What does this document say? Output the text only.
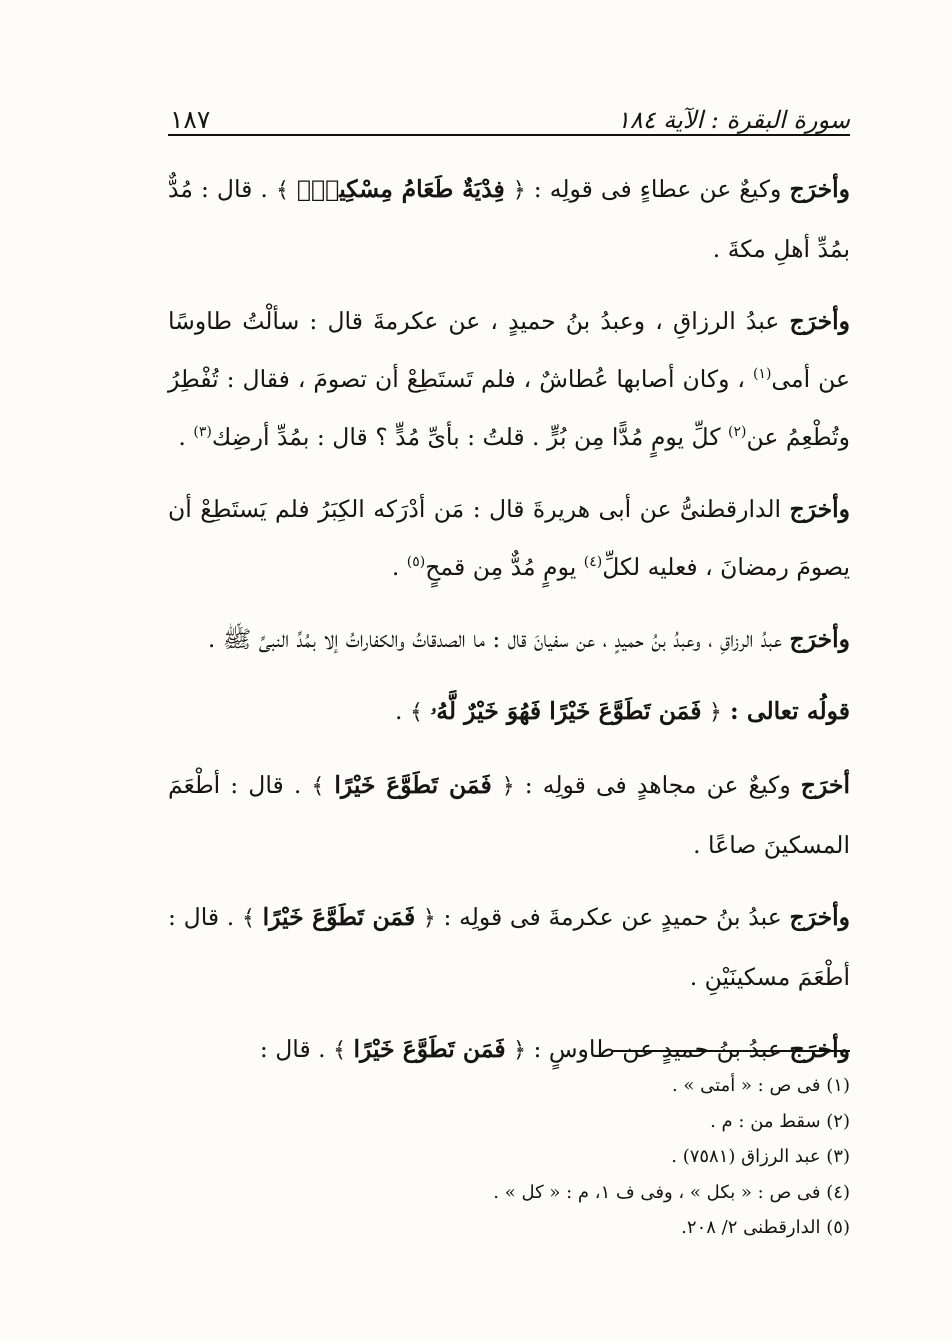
سورة البقرة : الآية ١٨٤
١٨٧

وأخرَج وكيعٌ عن عطاءٍ فى قولِه : ﴿ فِدْيَةٌ طَعَامُ مِسْكِينٍۖ ﴾ . قال : مُدٌّ بمُدِّ أهلِ مكةَ .

وأخرَج عبدُ الرزاقِ ، وعبدُ بنُ حميدٍ ، عن عكرمةَ قال : سألْتُ طاوسًا عن أمى$^{(١)}$ ، وكان أصابها عُطاشٌ ، فلم تَستَطِعْ أن تصومَ ، فقال : تُفْطِرُ وتُطْعِمُ عن$^{(٢)}$ كلِّ يومٍ مُدًّا مِن بُرٍّ . قلتُ : بأىِّ مُدٍّ ؟ قال : بمُدِّ أرضِك$^{(٣)}$ .

وأخرَج الدارقطنىُّ عن أبى هريرةَ قال : مَن أدْرَكه الكِبَرُ فلم يَستَطِعْ أن يصومَ رمضانَ ، فعليه لكلِّ$^{(٤)}$ يومٍ مُدٌّ مِن قمحٍ$^{(٥)}$ .

وأخرَج عبدُ الرزاقِ ، وعبدُ بنُ حميدٍ ، عن سفيانَ قال : ما الصدقاتُ والكفاراتُ إلا بمُدِّ النبىِّ ﷺ .

قولُه تعالى : ﴿ فَمَن تَطَوَّعَ خَيْرًا فَهُوَ خَيْرٌ لَّهُۥ ﴾ .

أخرَج وكيعٌ عن مجاهدٍ فى قولِه : ﴿ فَمَن تَطَوَّعَ خَيْرًا ﴾ . قال : أطْعَمَ المسكينَ صاعًا .

وأخرَج عبدُ بنُ حميدٍ عن عكرمةَ فى قولِه : ﴿ فَمَن تَطَوَّعَ خَيْرًا ﴾ . قال : أطْعَمَ مسكينَيْنِ .

وأخرَج عبدُ بنُ حميدٍ عن طاوسٍ : ﴿ فَمَن تَطَوَّعَ خَيْرًا ﴾ . قال :

(١) فى ص : « أمتى » .
(٢) سقط من : م .
(٣) عبد الرزاق (٧٥٨١) .
(٤) فى ص : « بكل » ، وفى ف ١، م : « كل » .
(٥) الدارقطنى ٢/ ٢٠٨.
